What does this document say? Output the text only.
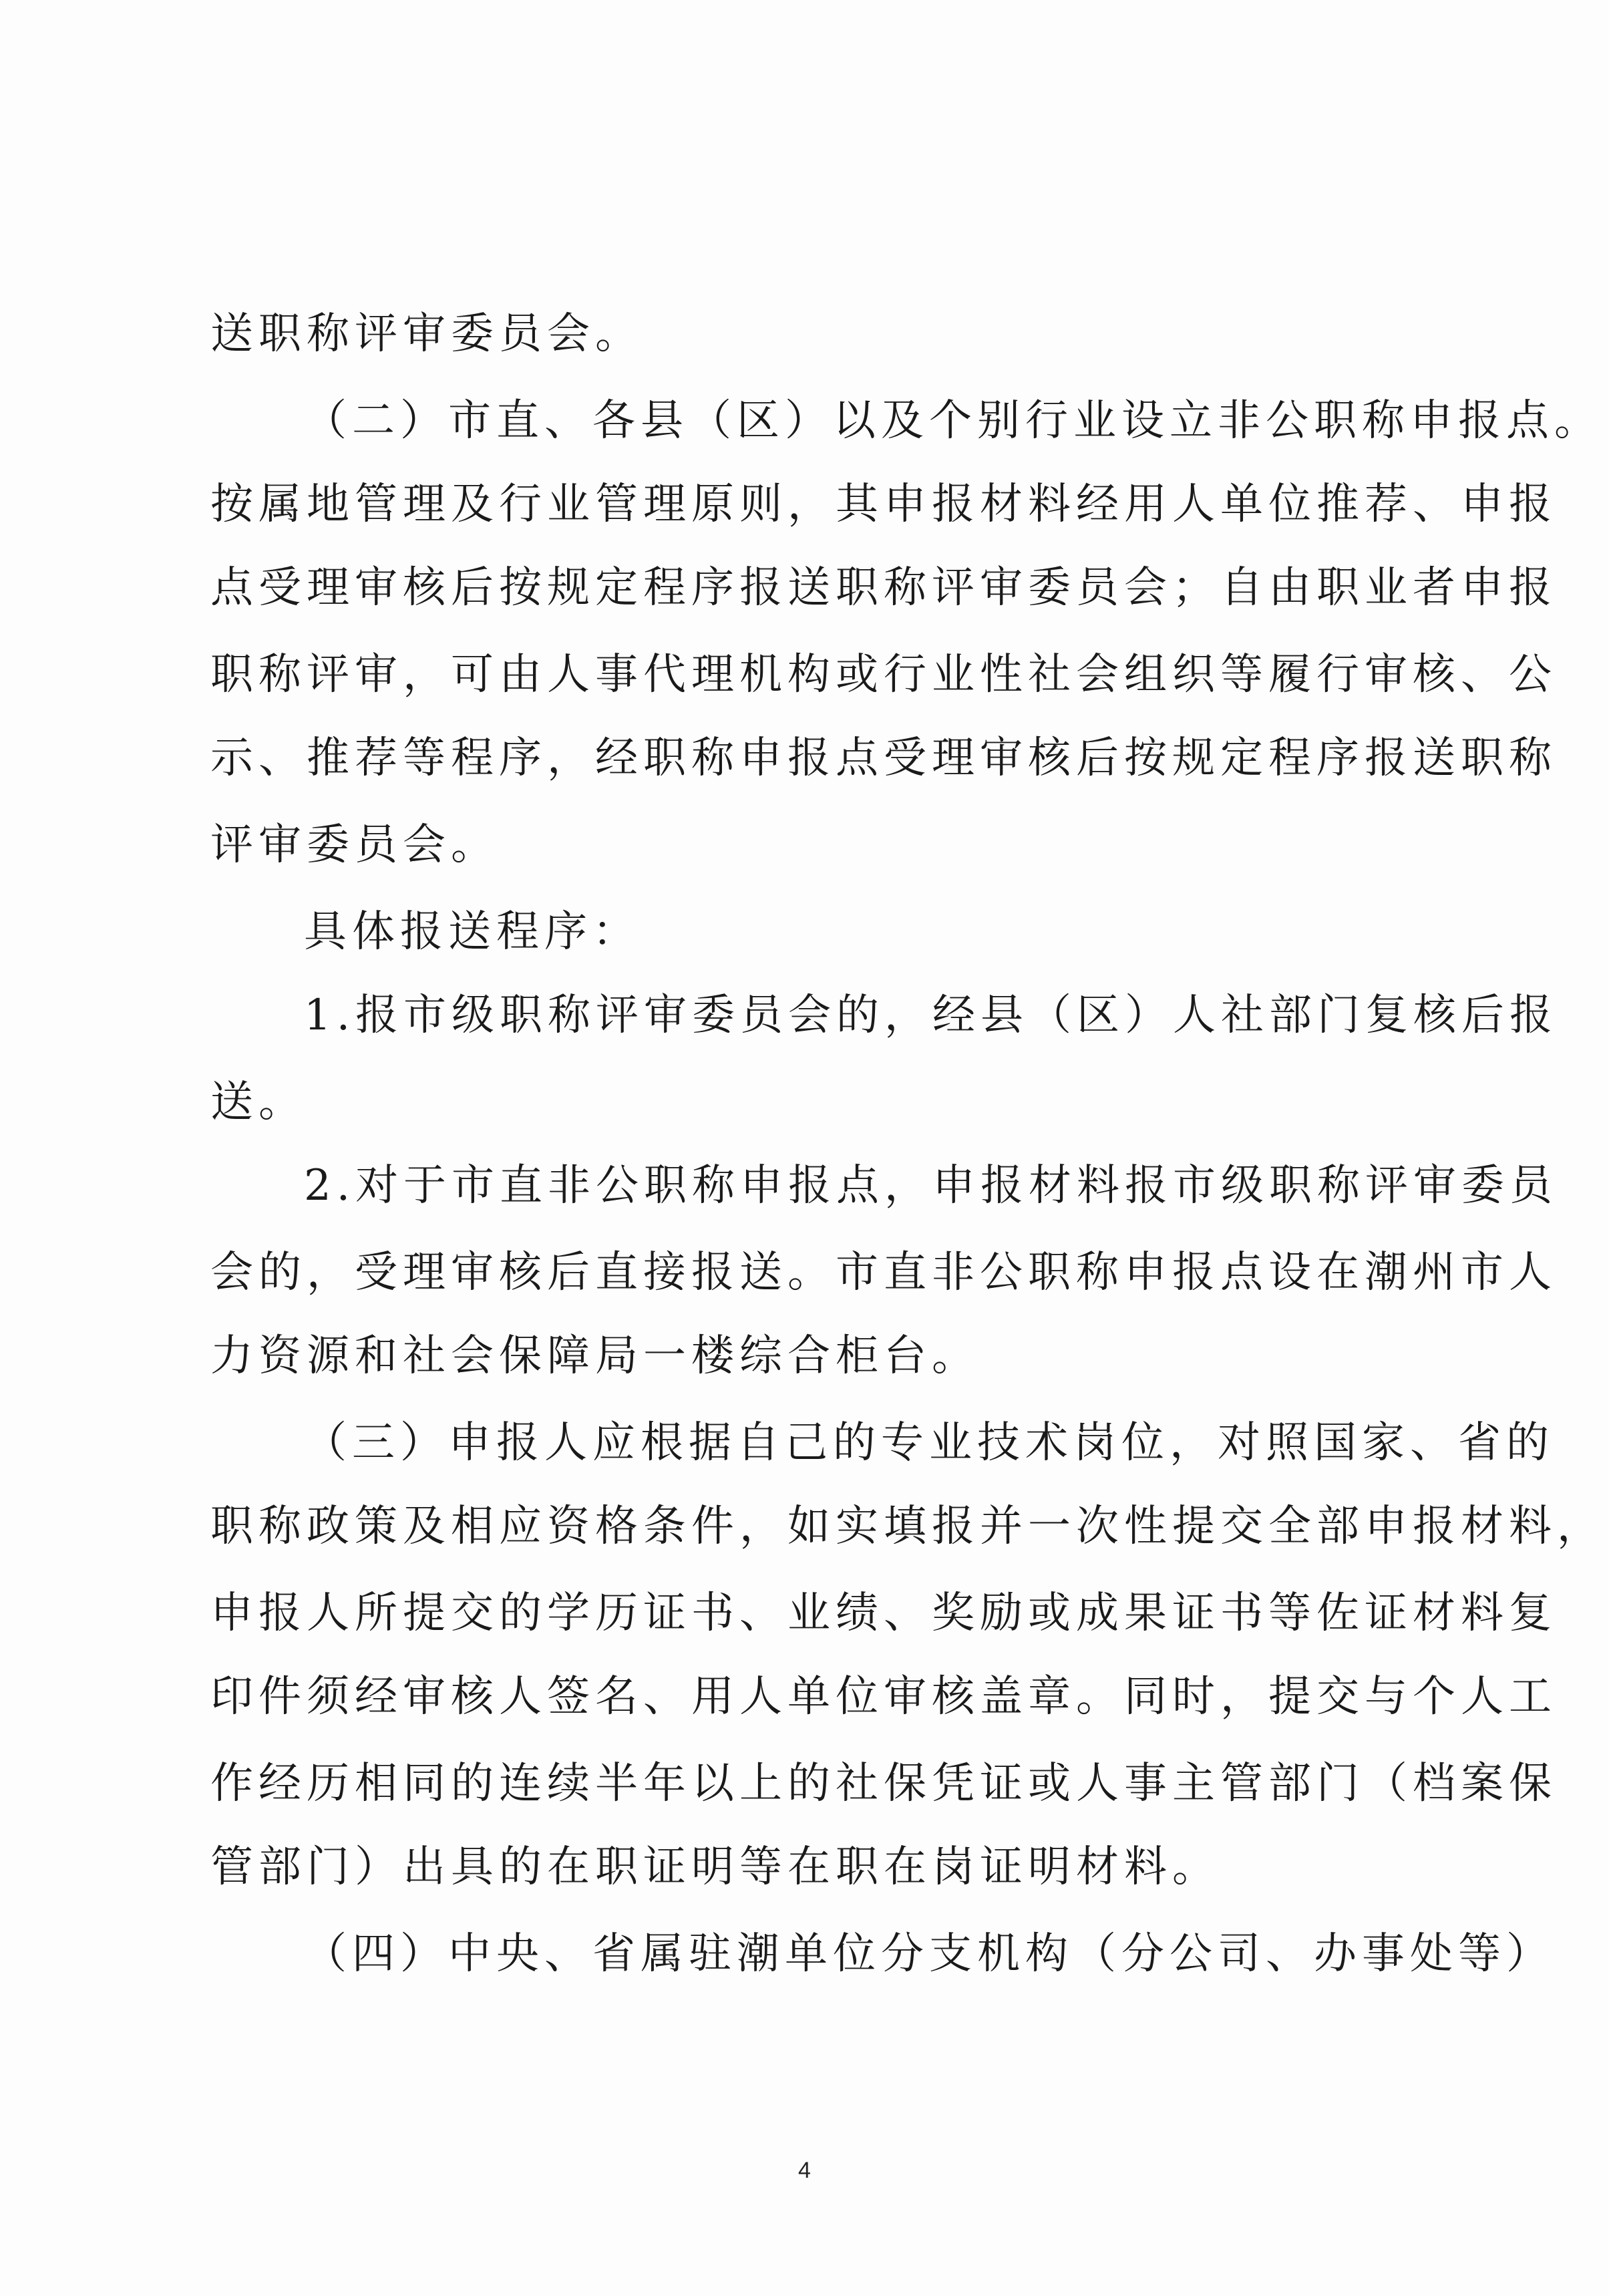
送职称评审委员会。
（二）市直、各县（区）以及个别行业设立非公职称申报点。
按属地管理及行业管理原则，其申报材料经用人单位推荐、申报
点受理审核后按规定程序报送职称评审委员会；自由职业者申报
职称评审，可由人事代理机构或行业性社会组织等履行审核、公
示、推荐等程序，经职称申报点受理审核后按规定程序报送职称
评审委员会。
具体报送程序：
1.报市级职称评审委员会的，经县（区）人社部门复核后报
送。
2.对于市直非公职称申报点，申报材料报市级职称评审委员
会的，受理审核后直接报送。市直非公职称申报点设在潮州市人
力资源和社会保障局一楼综合柜台。
（三）申报人应根据自己的专业技术岗位，对照国家、省的
职称政策及相应资格条件，如实填报并一次性提交全部申报材料，
申报人所提交的学历证书、业绩、奖励或成果证书等佐证材料复
印件须经审核人签名、用人单位审核盖章。同时，提交与个人工
作经历相同的连续半年以上的社保凭证或人事主管部门（档案保
管部门）出具的在职证明等在职在岗证明材料。
（四）中央、省属驻潮单位分支机构（分公司、办事处等）
4
